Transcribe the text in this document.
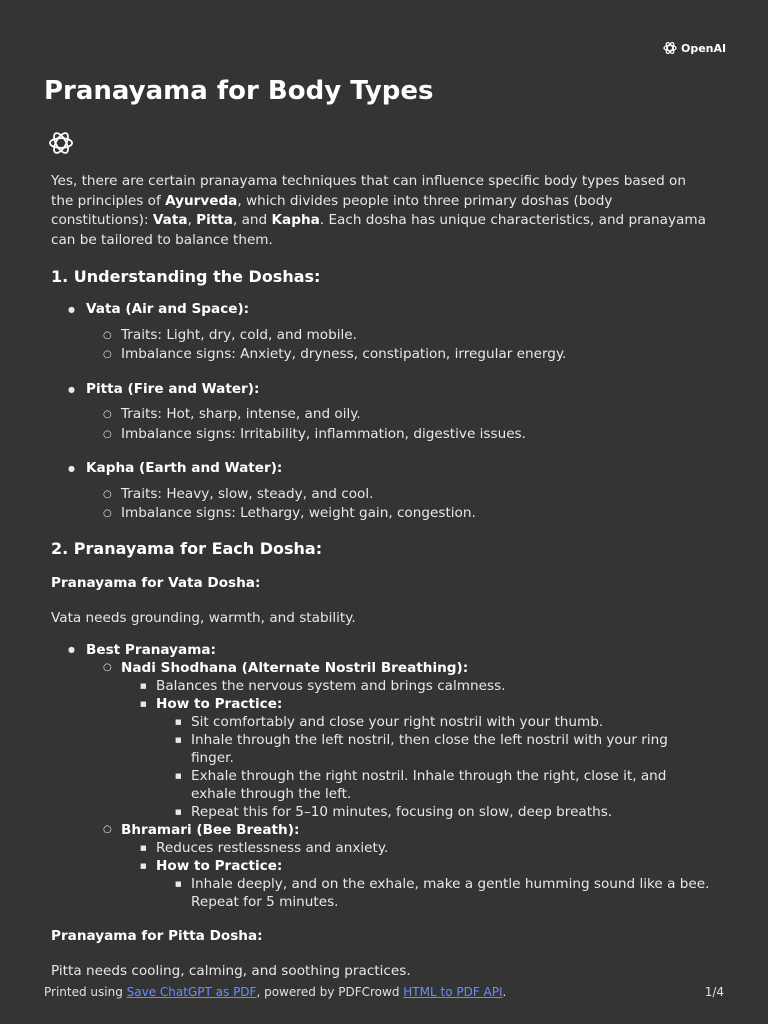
OpenAI
Pranayama for Body Types

Yes, there are certain pranayama techniques that can influence specific body types based on the principles of Ayurveda, which divides people into three primary doshas (body constitutions): Vata, Pitta, and Kapha. Each dosha has unique characteristics, and pranayama can be tailored to balance them.

1. Understanding the Doshas:
● Vata (Air and Space):
○ Traits: Light, dry, cold, and mobile.
○ Imbalance signs: Anxiety, dryness, constipation, irregular energy.
● Pitta (Fire and Water):
○ Traits: Hot, sharp, intense, and oily.
○ Imbalance signs: Irritability, inflammation, digestive issues.
● Kapha (Earth and Water):
○ Traits: Heavy, slow, steady, and cool.
○ Imbalance signs: Lethargy, weight gain, congestion.
2. Pranayama for Each Dosha:

Pranayama for Vata Dosha:

Vata needs grounding, warmth, and stability.

● Best Pranayama:
○ Nadi Shodhana (Alternate Nostril Breathing):
■ Balances the nervous system and brings calmness.
■ How to Practice:
■ Sit comfortably and close your right nostril with your thumb.
■ Inhale through the left nostril, then close the left nostril with your ring finger.
■ Exhale through the right nostril. Inhale through the right, close it, and exhale through the left.
■ Repeat this for 5–10 minutes, focusing on slow, deep breaths.
○ Bhramari (Bee Breath):
■ Reduces restlessness and anxiety.
■ How to Practice:
■ Inhale deeply, and on the exhale, make a gentle humming sound like a bee. Repeat for 5 minutes.

Pranayama for Pitta Dosha:

Pitta needs cooling, calming, and soothing practices.

Printed using Save ChatGPT as PDF, powered by PDFCrowd HTML to PDF API.	1/4
